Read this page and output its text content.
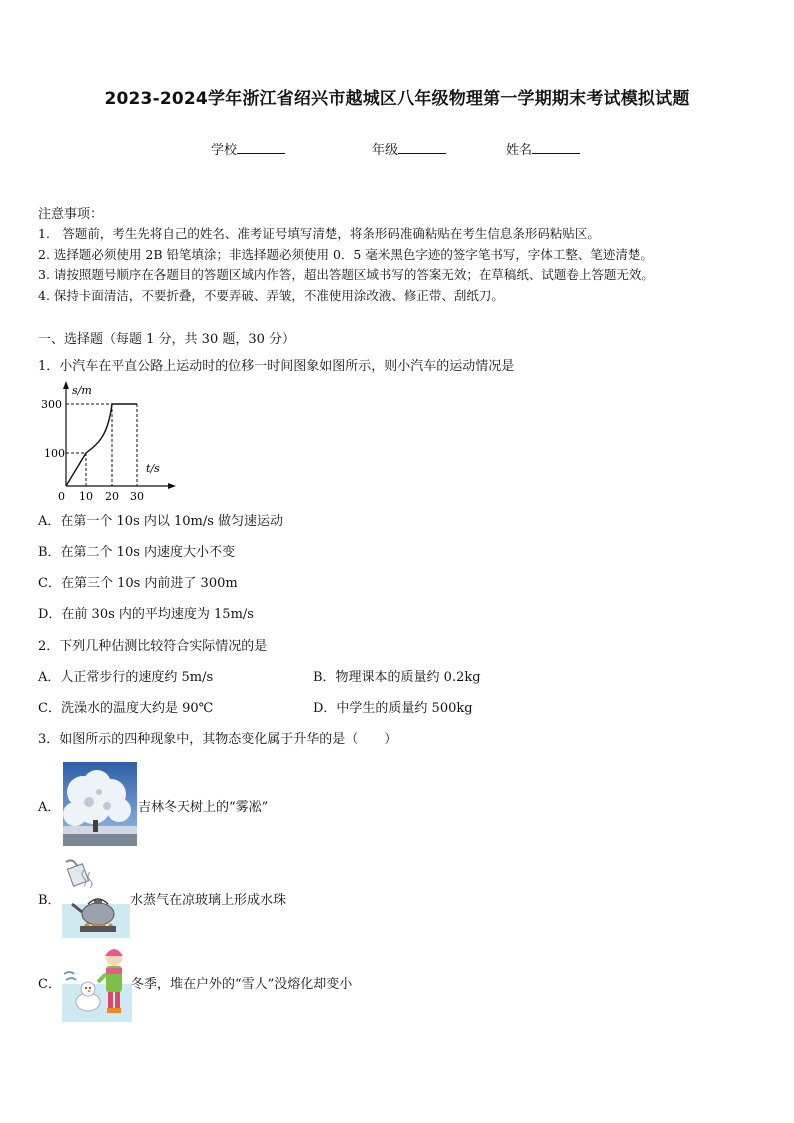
2023-2024学年浙江省绍兴市越城区八年级物理第一学期期末考试模拟试题
学校	年级	姓名
注意事项：
1.　答题前，考生先将自己的姓名、准考证号填写清楚，将条形码准确粘贴在考生信息条形码粘贴区。
2. 选择题必须使用 2B 铅笔填涂；非选择题必须使用 0．5 毫米黑色字迹的签字笔书写，字体工整、笔迹清楚。
3. 请按照题号顺序在各题目的答题区域内作答，超出答题区域书写的答案无效；在草稿纸、试题卷上答题无效。
4. 保持卡面清洁，不要折叠，不要弄破、弄皱，不准使用涂改液、修正带、刮纸刀。
一、选择题（每题 1 分，共 30 题，30 分）
1．小汽车在平直公路上运动时的位移一时间图象如图所示，则小汽车的运动情况是
s/m
t/s
300
100
0 10 20 30
A．在第一个 10s 内以 10m/s 做匀速运动
B．在第二个 10s 内速度大小不变
C．在第三个 10s 内前进了 300m
D．在前 30s 内的平均速度为 15m/s
2．下列几种估测比较符合实际情况的是
A．人正常步行的速度约 5m/s	B．物理课本的质量约 0.2kg
C．洗澡水的温度大约是 90℃	D．中学生的质量约 500kg
3．如图所示的四种现象中，其物态变化属于升华的是（　　）
A．	吉林冬天树上的“雾凇”
B．	水蒸气在凉玻璃上形成水珠
C．	冬季，堆在户外的“雪人”没熔化却变小
